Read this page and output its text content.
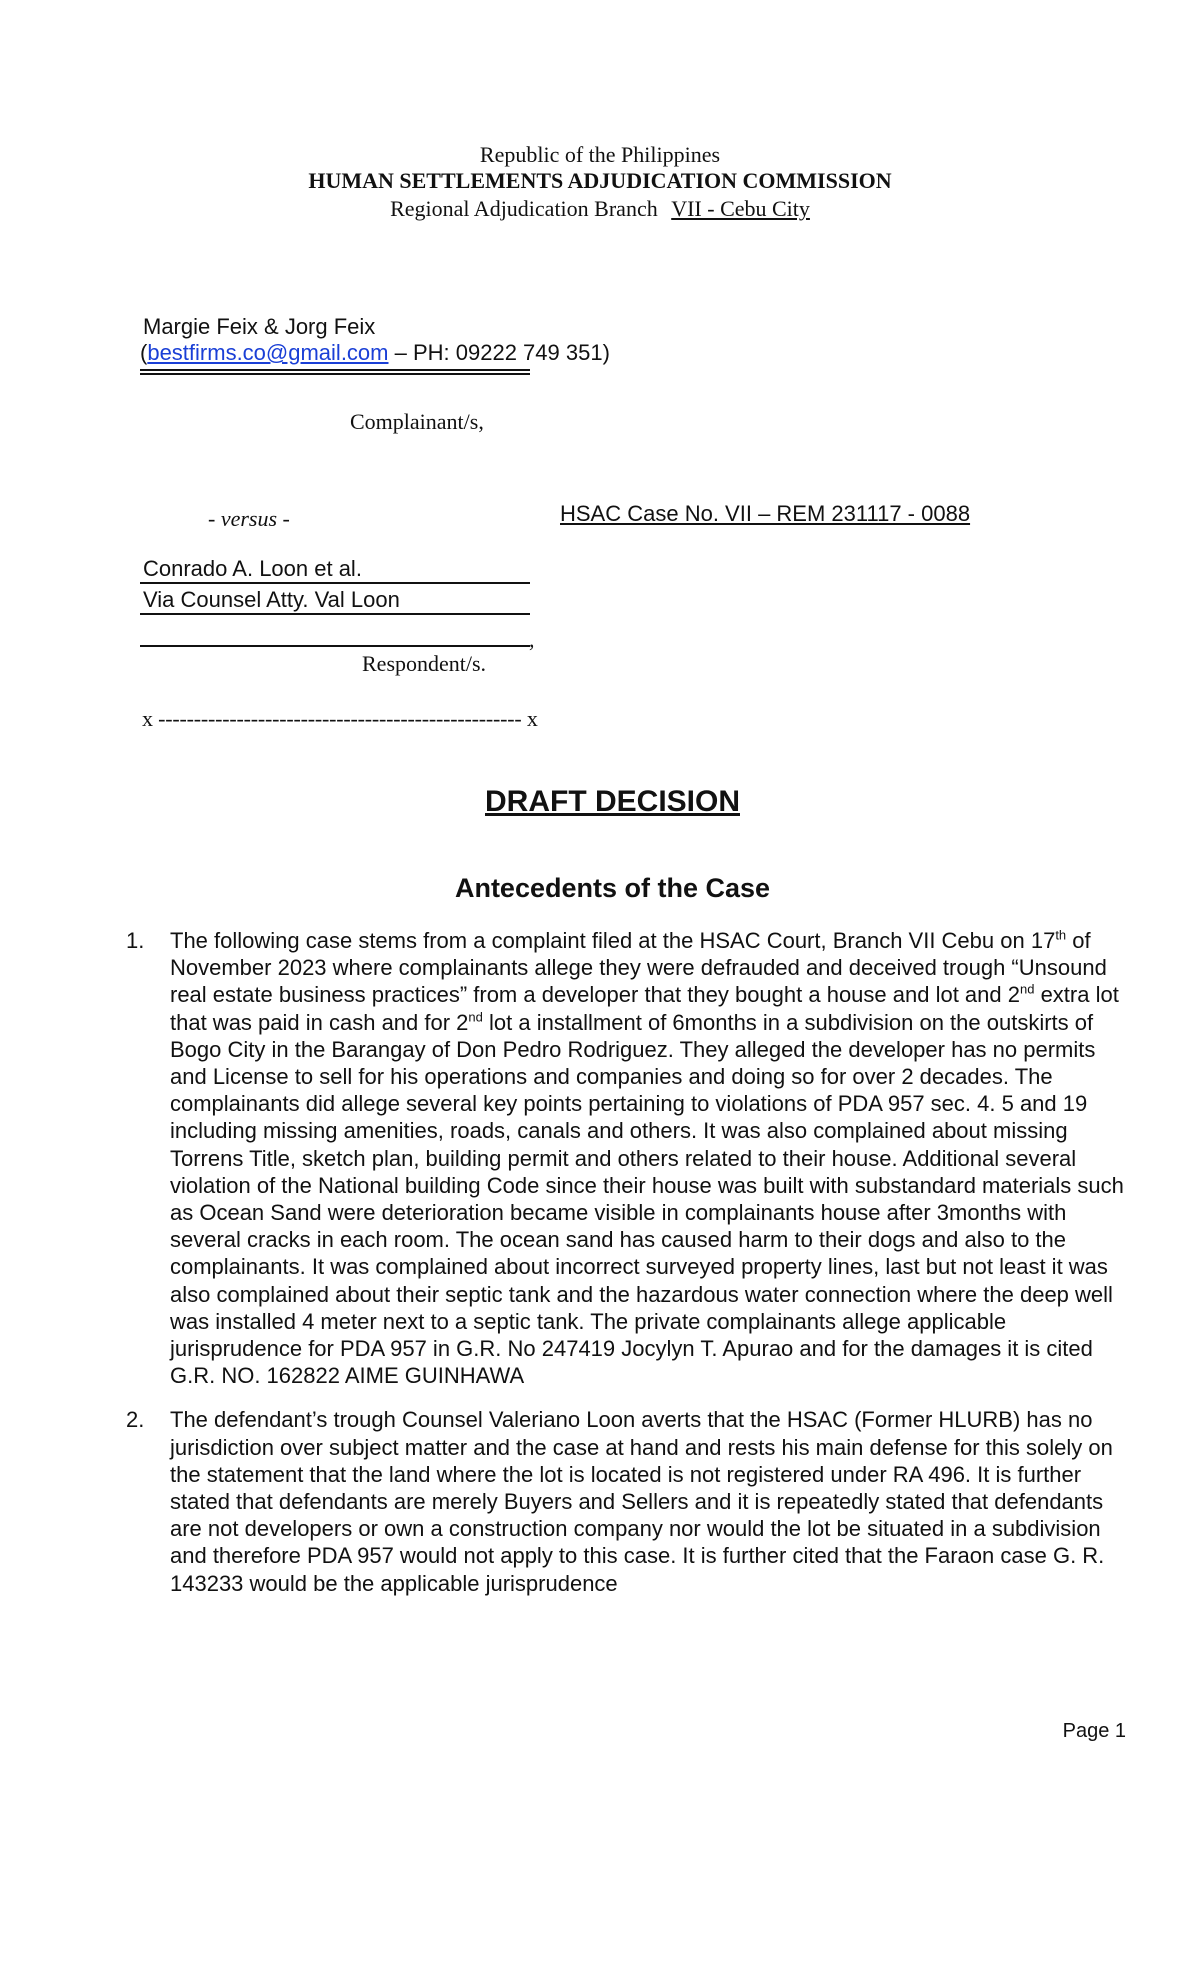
Republic of the Philippines
HUMAN SETTLEMENTS ADJUDICATION COMMISSION
Regional Adjudication Branch VII - Cebu City
Margie Feix & Jorg Feix
(bestfirms.co@gmail.com – PH: 09222 749 351)
Complainant/s,
- versus -	HSAC Case No. VII – REM 231117 - 0088
Conrado A. Loon et al.
Via Counsel Atty. Val Loon
,
Respondent/s.
x --------------------------------------------------- x
DRAFT DECISION
Antecedents of the Case
1. The following case stems from a complaint filed at the HSAC Court, Branch VII Cebu on 17th of November 2023 where complainants allege they were defrauded and deceived trough “Unsound real estate business practices” from a developer that they bought a house and lot and 2nd extra lot that was paid in cash and for 2nd lot a installment of 6months in a subdivision on the outskirts of Bogo City in the Barangay of Don Pedro Rodriguez. They alleged the developer has no permits and License to sell for his operations and companies and doing so for over 2 decades. The complainants did allege several key points pertaining to violations of PDA 957 sec. 4. 5 and 19 including missing amenities, roads, canals and others. It was also complained about missing Torrens Title, sketch plan, building permit and others related to their house. Additional several violation of the National building Code since their house was built with substandard materials such as Ocean Sand were deterioration became visible in complainants house after 3months with several cracks in each room. The ocean sand has caused harm to their dogs and also to the complainants. It was complained about incorrect surveyed property lines, last but not least it was also complained about their septic tank and the hazardous water connection where the deep well was installed 4 meter next to a septic tank. The private complainants allege applicable jurisprudence for PDA 957 in G.R. No 247419 Jocylyn T. Apurao and for the damages it is cited G.R. NO. 162822 AIME GUINHAWA
2. The defendant’s trough Counsel Valeriano Loon averts that the HSAC (Former HLURB) has no jurisdiction over subject matter and the case at hand and rests his main defense for this solely on the statement that the land where the lot is located is not registered under RA 496. It is further stated that defendants are merely Buyers and Sellers and it is repeatedly stated that defendants are not developers or own a construction company nor would the lot be situated in a subdivision and therefore PDA 957 would not apply to this case. It is further cited that the Faraon case G. R. 143233 would be the applicable jurisprudence
Page 1
